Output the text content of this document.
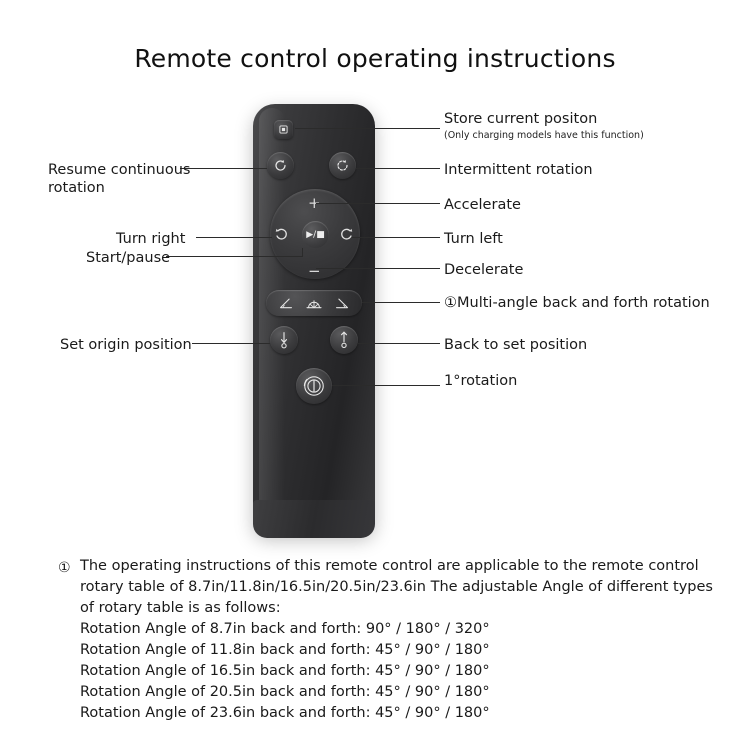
Remote control operating instructions
+
−
▶/■
Store current positon
(Only charging models have this function)
Intermittent rotation
Accelerate
Turn left
Decelerate
①Multi-angle back and forth rotation
Back to set position
1°rotation
Resume continuous rotation
Turn right
Start/pause
Set origin position
① The operating instructions of this remote control are applicable to the remote control rotary table of 8.7in/11.8in/16.5in/20.5in/23.6in The adjustable Angle of different types of rotary table is as follows:

Rotation Angle of 8.7in back and forth: 90° / 180° / 320°

Rotation Angle of 11.8in back and forth: 45° / 90° / 180°

Rotation Angle of 16.5in back and forth: 45° / 90° / 180°

Rotation Angle of 20.5in back and forth: 45° / 90° / 180°

Rotation Angle of 23.6in back and forth: 45° / 90° / 180°
